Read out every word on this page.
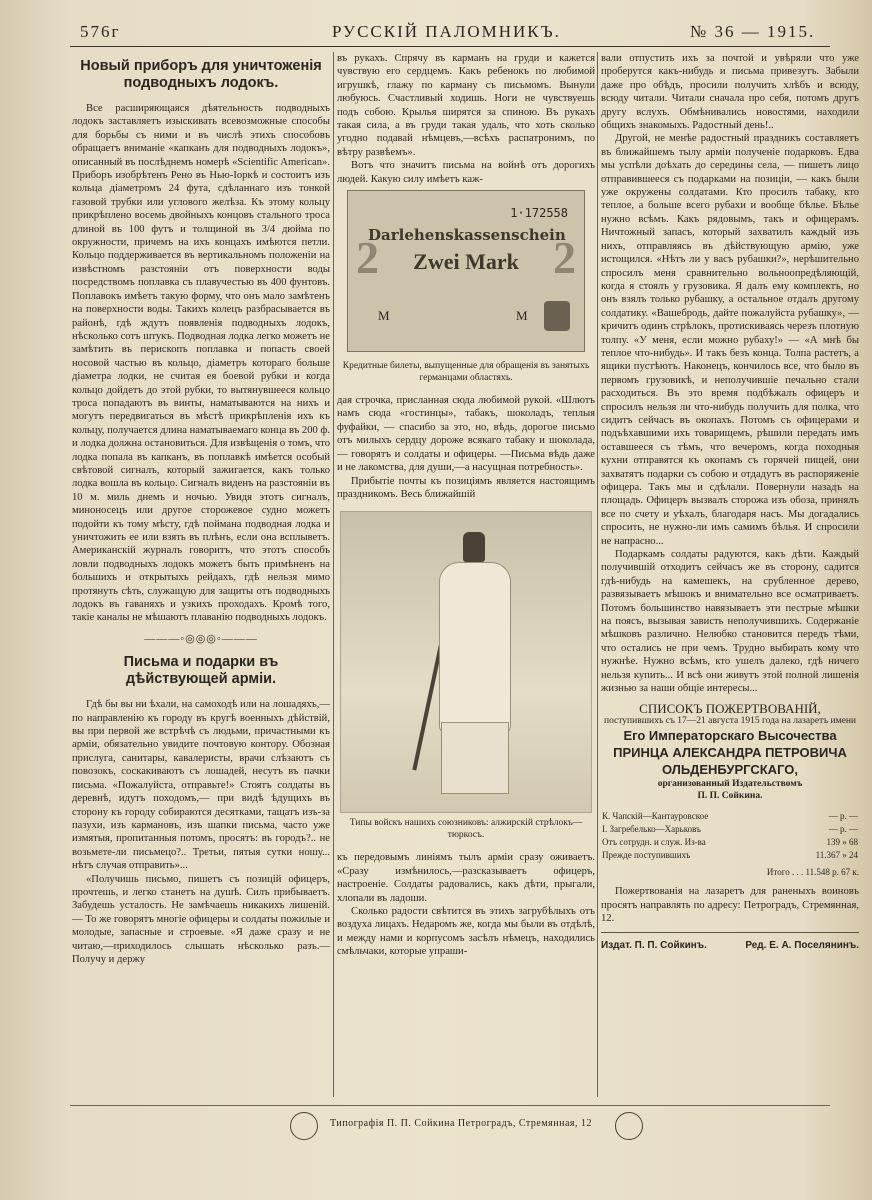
576г	РУССКІЙ ПАЛОМНИКЪ.	№ 36 — 1915.
Новый приборъ для уничтоженія подводныхъ лодокъ.

Все расширяющаяся дѣятельность подводныхъ лодокъ заставляетъ изыскивать всевозможные способы для борьбы съ ними и въ числѣ этихъ способовъ обращаетъ вниманіе «капканъ для подводныхъ лодокъ», описанный въ послѣднемъ номерѣ «Scientific American». Приборъ изобрѣтенъ Рено въ Нью-Іоркѣ и состоитъ изъ кольца діаметромъ 24 фута, сдѣланнаго изъ тонкой газовой трубки или углового желѣза. Къ этому кольцу прикрѣплено восемь двойныхъ концовъ стального троса длиной въ 100 футъ и толщиной въ 3/4 дюйма по окружности, причемъ на ихъ концахъ имѣются петли. Кольцо поддерживается въ вертикальномъ положеніи на извѣстномъ разстояніи отъ поверхности воды посредствомъ поплавка съ плавучестью въ 400 фунтовъ. Поплавокъ имѣетъ такую форму, что онъ мало замѣтенъ на поверхности воды. Такихъ колецъ разбрасывается въ районѣ, гдѣ ждутъ появленія подводныхъ лодокъ, нѣсколько сотъ штукъ. Подводная лодка легко можетъ не замѣтить въ перископъ поплавка и попасть своей носовой частью въ кольцо, діаметръ котораго больше діаметра лодки, не считая ея боевой рубки и когда кольцо дойдетъ до этой рубки, то вытянувшееся кольцо троса попадаютъ въ винты, наматываются на нихъ и могутъ передвигаться въ мѣстѣ прикрѣпленія ихъ къ кольцу, получается длина наматываемаго конца въ 200 ф. и лодка должна остановиться. Для извѣщенія о томъ, что лодка попала въ капканъ, въ поплавкѣ имѣется особый свѣтовой сигналъ, который зажигается, какъ только лодка вошла въ кольцо. Сигналъ виденъ на разстояніи въ 10 м. миль днемъ и ночью. Увидя этотъ сигналъ, миноносецъ или другое сторожевое судно можетъ подойти къ тому мѣсту, гдѣ поймана подводная лодка и уничтожить ее или взять въ плѣнъ, если она всплыветъ. Американскій журналъ говоритъ, что этотъ способъ ловли подводныхъ лодокъ можетъ быть примѣненъ на большихъ и открытыхъ рейдахъ, гдѣ нельзя мимо протянуть сѣть, служащую для защиты отъ подводныхъ лодокъ въ гаваняхъ и узкихъ проходахъ. Кромѣ того, такіе каналы не мѣшаютъ плаванію подводныхъ лодокъ.

———◦◎◎◎◦———
Письма и подарки въ дѣйствующей арміи.

Гдѣ бы вы ни ѣхали, на самоходѣ или на лошадяхъ,—по направленію къ городу въ кругѣ военныхъ дѣйствій, вы при первой же встрѣчѣ съ людьми, причастными къ арміи, обязательно увидите почтовую контору. Обозная прислуга, санитары, кавалеристы, врачи слѣзаютъ съ повозокъ, соскакиваютъ съ лошадей, несутъ въ пачки письма. «Пожалуйста, отправьте!» Стоятъ солдаты въ деревнѣ, идутъ походомъ,— при видѣ ѣдущихъ въ сторону къ городу собираются десятками, тащатъ изъ-за пазухи, изъ кармановъ, изъ шапки письма, часто уже измятыя, пропитанныя потомъ, просятъ: въ городъ?.. не возьмете-ли письмецо?.. Третьи, пятыя сутки ношу... нѣтъ случая отправить»...

«Получишь письмо, пишетъ съ позицій офицеръ, прочтешь, и легко станетъ на душѣ. Силъ прибываетъ. Забудешь усталость. Не замѣчаешь никакихъ лишеній.— То же говорятъ многіе офицеры и солдаты пожилые и молодые, запасные и строевые. «Я даже сразу и не читаю,—приходилось слышать нѣсколько разъ.—Получу и держу

въ рукахъ. Спрячу въ карманъ на груди и кажется чувствую его сердцемъ. Какъ ребенокъ по любимой игрушкѣ, глажу по карману съ письмомъ. Вынули любуюсь. Счастливый ходишь. Ноги не чувствуешь подъ собою. Крылья ширятся за спиною. Въ рукахъ такая сила, а въ груди такая удаль, что хоть сколько угодно подавай нѣмцевъ,—всѣхъ распатронимъ, по вѣтру развѣемъ».

Вотъ что значитъ письма на войнѣ отъ дорогихъ людей. Какую силу имѣетъ каж-

1·172558
2	2
Darlehenskassenschein
Zwei Mark
M	M
Кредитные билеты, выпущенные для обращенія въ занятыхъ германцами областяхъ.

дая строчка, присланная сюда любимой рукой. «Шлютъ намъ сюда «гостинцы», табакъ, шоколадъ, теплыя фуфайки, — спасибо за это, но, вѣдь, дорогое письмо отъ милыхъ сердцу дороже всякаго табаку и шоколада, — говорятъ и солдаты и офицеры. —Письма вѣдь даже и не лакомства, для души,—а насущная потребность».

Прибытіе почты къ позиціямъ является настоящимъ праздникомъ. Весь ближайшій

Типы войскъ нашихъ союзниковъ: алжирскій стрѣлокъ—тюркосъ.

къ передовымъ линіямъ тылъ арміи сразу оживаетъ. «Сразу измѣнилось,—разсказываетъ офицеръ, настроеніе. Солдаты радовались, какъ дѣти, прыгали, хлопали въ ладоши.

Сколько радости свѣтится въ этихъ загрубѣлыхъ отъ воздуха лицахъ. Недаромъ же, когда мы были въ отдѣлѣ, и между нами и корпусомъ засѣлъ нѣмецъ, находились смѣльчаки, которые упраши-

вали отпустить ихъ за почтой и увѣряли что уже проберутся какъ-нибудь и письма привезутъ. Забыли даже про обѣдъ, просили получить хлѣбъ и всюду, всюду читали. Читали сначала про себя, потомъ другъ другу вслухъ. Обмѣнивались новостями, находили общихъ знакомыхъ. Радостный день!..

Другой, не менѣе радостный праздникъ составляетъ въ ближайшемъ тылу арміи полученіе подарковъ. Едва мы успѣли доѣхать до середины села, — пишетъ лицо отправившееся съ подарками на позиціи, — какъ были уже окружены солдатами. Кто просилъ табаку, кто теплое, а больше всего рубахи и вообще бѣлье. Бѣлье нужно всѣмъ. Какъ рядовымъ, такъ и офицерамъ. Ничтожный запасъ, который захватилъ каждый изъ нихъ, отправляясь въ дѣйствующую армію, уже истощился. «Нѣтъ ли у васъ рубашки?», нерѣшительно спросилъ меня сравнительно вольноопредѣляющій, когда я стоялъ у грузовика. Я далъ ему комплектъ, но онъ взялъ только рубашку, а остальное отдалъ другому солдатику. «Вашебродь, дайте пожалуйста рубашку», — кричитъ одинъ стрѣлокъ, протискиваясь черезъ плотную толпу. «У меня, если можно рубаху!» — «А мнѣ бы теплое что-нибудь». И такъ безъ конца. Толпа растетъ, а ящики пустѣютъ. Наконецъ, кончилось все, что было въ первомъ грузовикѣ, и неполучившіе печально стали расходиться. Въ это время подбѣжалъ офицеръ и спросилъ нельзя ли что-нибудь получить для полка, что сидитъ сейчасъ въ окопахъ. Потомъ съ офицерами и подъѣхавшими ихъ товарищемъ, рѣшили передать имъ оставшееся съ тѣмъ, что вечеромъ, когда походныя кухни отправятся къ окопамъ съ горячей пищей, они захватятъ подарки съ собою и отдадутъ въ распоряженіе офицера. Такъ мы и сдѣлали. Повернули назадъ на площадь. Офицеръ вызвалъ сторожа изъ обоза, принялъ все по счету и уѣхалъ, благодаря насъ. Мы догадались спросить, не нужно-ли имъ самимъ бѣлья. И спросили не напрасно...

Подаркамъ солдаты радуются, какъ дѣти. Каждый получившій отходитъ сейчасъ же въ сторону, садится гдѣ-нибудь на камешекъ, на срубленное дерево, развязываетъ мѣшокъ и внимательно все осматриваетъ. Потомъ большинство навязываетъ эти пестрые мѣшки на поясъ, вызывая зависть неполучившихъ. Содержаніе мѣшковъ различно. Нелюбко становится передъ тѣми, что остались не при чемъ. Трудно выбирать кому что нужнѣе. Нужно всѣмъ, кто ушелъ далеко, гдѣ ничего нельзя купить... И всѣ они живутъ этой полной лишенія жизнью за наши общіе интересы...

СПИСОКЪ ПОЖЕРТВОВАНІЙ,
поступившихъ съ 17—21 августа 1915 года на лазаретъ имени
Его Императорскаго Высочества
ПРИНЦА АЛЕКСАНДРА ПЕТРОВИЧА
ОЛЬДЕНБУРГСКАГО,
организованный Издательствомъ
П. П. Сойкина.
К. Чапскій—Кантауровское	— р. —
І. Загребелько—Харьковъ	— р. —
Отъ сотрудн. и служ. Из-ва	139 » 68
Прежде поступившихъ	11.367 » 24
Итого . . . 11.548 р. 67 к.

Пожертвованія на лазаретъ для раненыхъ воиновъ просятъ направлять по адресу: Петроградъ, Стремянная, 12.

Издат. П. П. Сойкинъ.	Ред. Е. А. Поселянинъ.
Типографія П. П. Сойкина Петроградъ, Стремянная, 12
